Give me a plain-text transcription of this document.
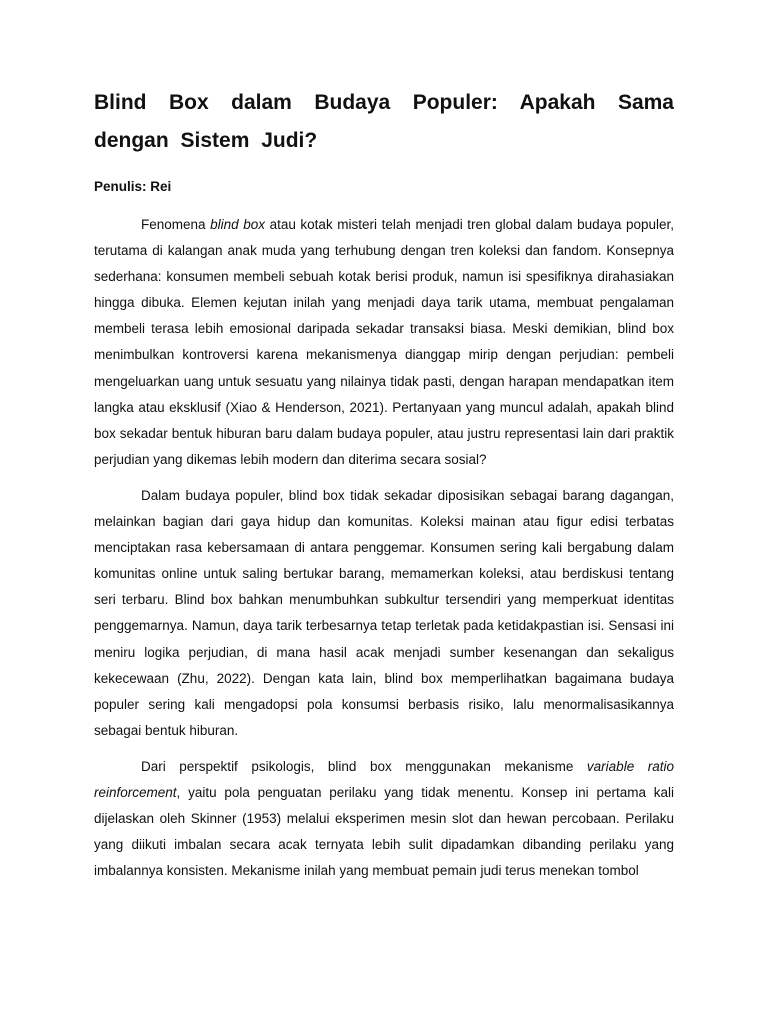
Blind Box dalam Budaya Populer: Apakah Sama dengan Sistem Judi?
Penulis: Rei

Fenomena blind box atau kotak misteri telah menjadi tren global dalam budaya populer, terutama di kalangan anak muda yang terhubung dengan tren koleksi dan fandom. Konsepnya sederhana: konsumen membeli sebuah kotak berisi produk, namun isi spesifiknya dirahasiakan hingga dibuka. Elemen kejutan inilah yang menjadi daya tarik utama, membuat pengalaman membeli terasa lebih emosional daripada sekadar transaksi biasa. Meski demikian, blind box menimbulkan kontroversi karena mekanismenya dianggap mirip dengan perjudian: pembeli mengeluarkan uang untuk sesuatu yang nilainya tidak pasti, dengan harapan mendapatkan item langka atau eksklusif (Xiao & Henderson, 2021). Pertanyaan yang muncul adalah, apakah blind box sekadar bentuk hiburan baru dalam budaya populer, atau justru representasi lain dari praktik perjudian yang dikemas lebih modern dan diterima secara sosial?

Dalam budaya populer, blind box tidak sekadar diposisikan sebagai barang dagangan, melainkan bagian dari gaya hidup dan komunitas. Koleksi mainan atau figur edisi terbatas menciptakan rasa kebersamaan di antara penggemar. Konsumen sering kali bergabung dalam komunitas online untuk saling bertukar barang, memamerkan koleksi, atau berdiskusi tentang seri terbaru. Blind box bahkan menumbuhkan subkultur tersendiri yang memperkuat identitas penggemarnya. Namun, daya tarik terbesarnya tetap terletak pada ketidakpastian isi. Sensasi ini meniru logika perjudian, di mana hasil acak menjadi sumber kesenangan dan sekaligus kekecewaan (Zhu, 2022). Dengan kata lain, blind box memperlihatkan bagaimana budaya populer sering kali mengadopsi pola konsumsi berbasis risiko, lalu menormalisasikannya sebagai bentuk hiburan.

Dari perspektif psikologis, blind box menggunakan mekanisme variable ratio reinforcement, yaitu pola penguatan perilaku yang tidak menentu. Konsep ini pertama kali dijelaskan oleh Skinner (1953) melalui eksperimen mesin slot dan hewan percobaan. Perilaku yang diikuti imbalan secara acak ternyata lebih sulit dipadamkan dibanding perilaku yang imbalannya konsisten. Mekanisme inilah yang membuat pemain judi terus menekan tombol
